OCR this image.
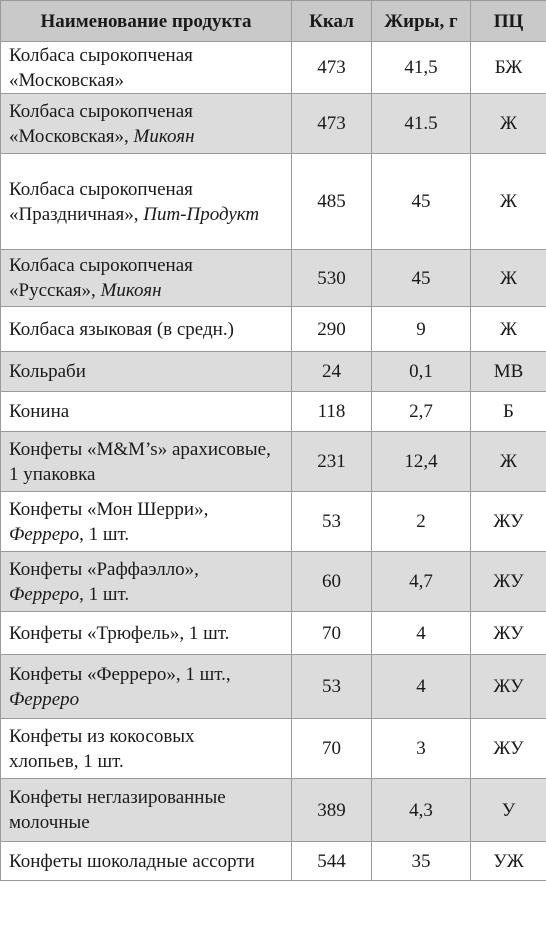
Наименование продукта	Ккал	Жиры, г	ПЦ
Колбаса сырокопченая
«Московская»	473	41,5	БЖ
Колбаса сырокопченая
«Московская», Микоян	473	41.5	Ж
Колбаса сырокопченая
«Праздничная», Пит-Продукт	485	45	Ж
Колбаса сырокопченая
«Русская», Микоян	530	45	Ж
Колбаса языковая (в средн.)	290	9	Ж
Кольраби	24	0,1	МВ
Конина	118	2,7	Б
Конфеты «M&M’s» арахисовые,
1 упаковка	231	12,4	Ж
Конфеты «Мон Шерри»,
Ферреро, 1 шт.	53	2	ЖУ
Конфеты «Раффаэлло»,
Ферреро, 1 шт.	60	4,7	ЖУ
Конфеты «Трюфель», 1 шт.	70	4	ЖУ
Конфеты «Ферреро», 1 шт.,
Ферреро	53	4	ЖУ
Конфеты из кокосовых
хлопьев, 1 шт.	70	3	ЖУ
Конфеты неглазированные
молочные	389	4,3	У
Конфеты шоколадные ассорти	544	35	УЖ
